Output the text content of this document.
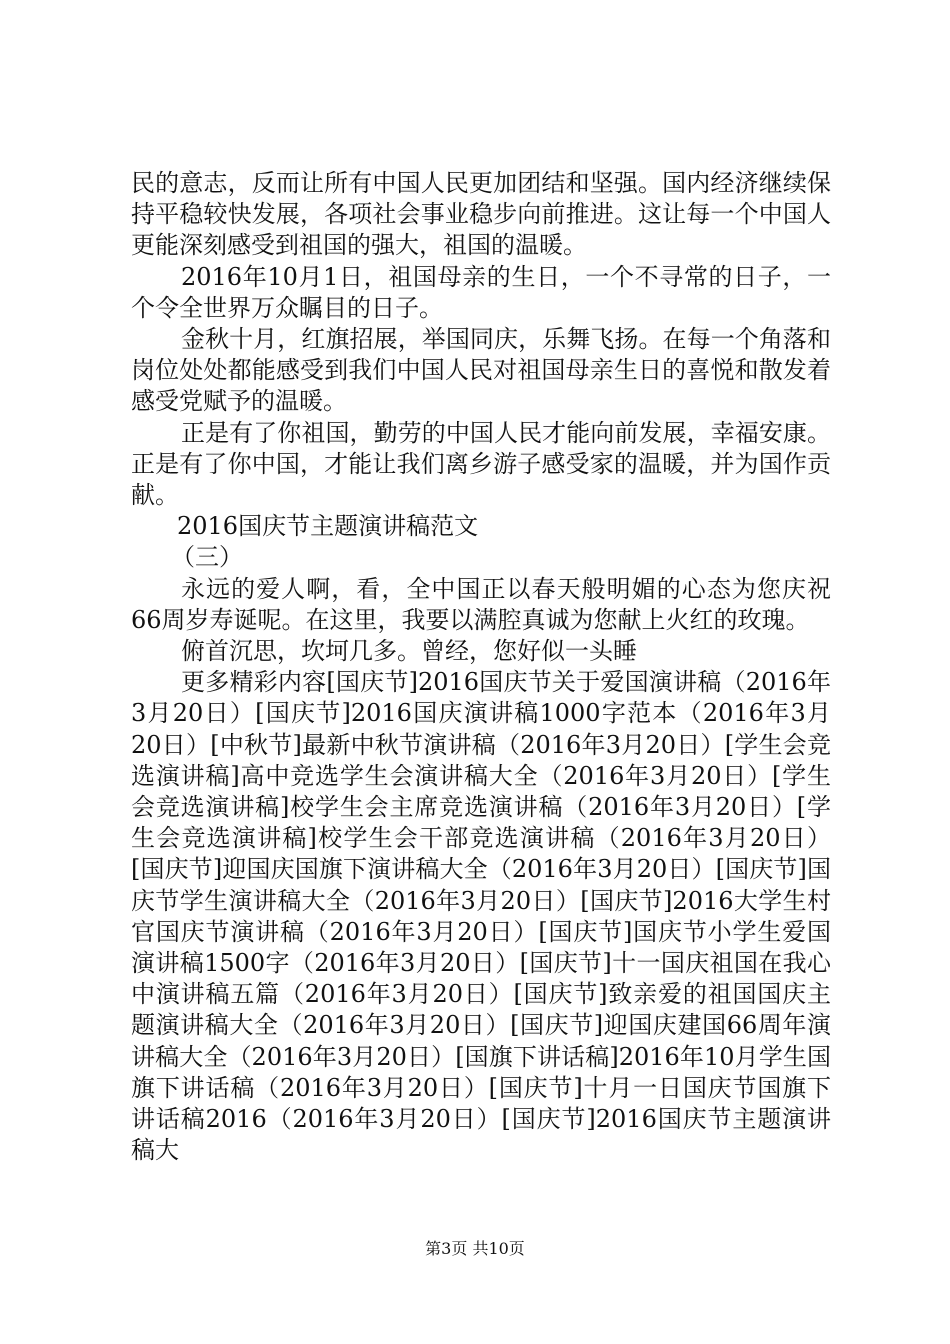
民的意志，反而让所有中国人民更加团结和坚强。国内经济继续保持平稳较快发展，各项社会事业稳步向前推进。这让每一个中国人更能深刻感受到祖国的强大，祖国的温暖。

2016年10月1日，祖国母亲的生日，一个不寻常的日子，一个令全世界万众瞩目的日子。

金秋十月，红旗招展，举国同庆，乐舞飞扬。在每一个角落和岗位处处都能感受到我们中国人民对祖国母亲生日的喜悦和散发着感受党赋予的温暖。

正是有了你祖国，勤劳的中国人民才能向前发展，幸福安康。正是有了你中国，才能让我们离乡游子感受家的温暖，并为国作贡献。

2016国庆节主题演讲稿范文

（三）

永远的爱人啊，看，全中国正以春天般明媚的心态为您庆祝66周岁寿诞呢。在这里，我要以满腔真诚为您献上火红的玫瑰。

俯首沉思，坎坷几多。曾经，您好似一头睡

更多精彩内容[国庆节]2016国庆节关于爱国演讲稿（2016年3月20日）[国庆节]2016国庆演讲稿1000字范本（2016年3月20日）[中秋节]最新中秋节演讲稿（2016年3月20日）[学生会竞选演讲稿]高中竞选学生会演讲稿大全（2016年3月20日）[学生会竞选演讲稿]校学生会主席竞选演讲稿（2016年3月20日）[学生会竞选演讲稿]校学生会干部竞选演讲稿（2016年3月20日）[国庆节]迎国庆国旗下演讲稿大全（2016年3月20日）[国庆节]国庆节学生演讲稿大全（2016年3月20日）[国庆节]2016大学生村官国庆节演讲稿（2016年3月20日）[国庆节]国庆节小学生爱国演讲稿1500字（2016年3月20日）[国庆节]十一国庆祖国在我心中演讲稿五篇（2016年3月20日）[国庆节]致亲爱的祖国国庆主题演讲稿大全（2016年3月20日）[国庆节]迎国庆建国66周年演讲稿大全（2016年3月20日）[国旗下讲话稿]2016年10月学生国旗下讲话稿（2016年3月20日）[国庆节]十月一日国庆节国旗下讲话稿2016（2016年3月20日）[国庆节]2016国庆节主题演讲稿大

第3页 共10页
